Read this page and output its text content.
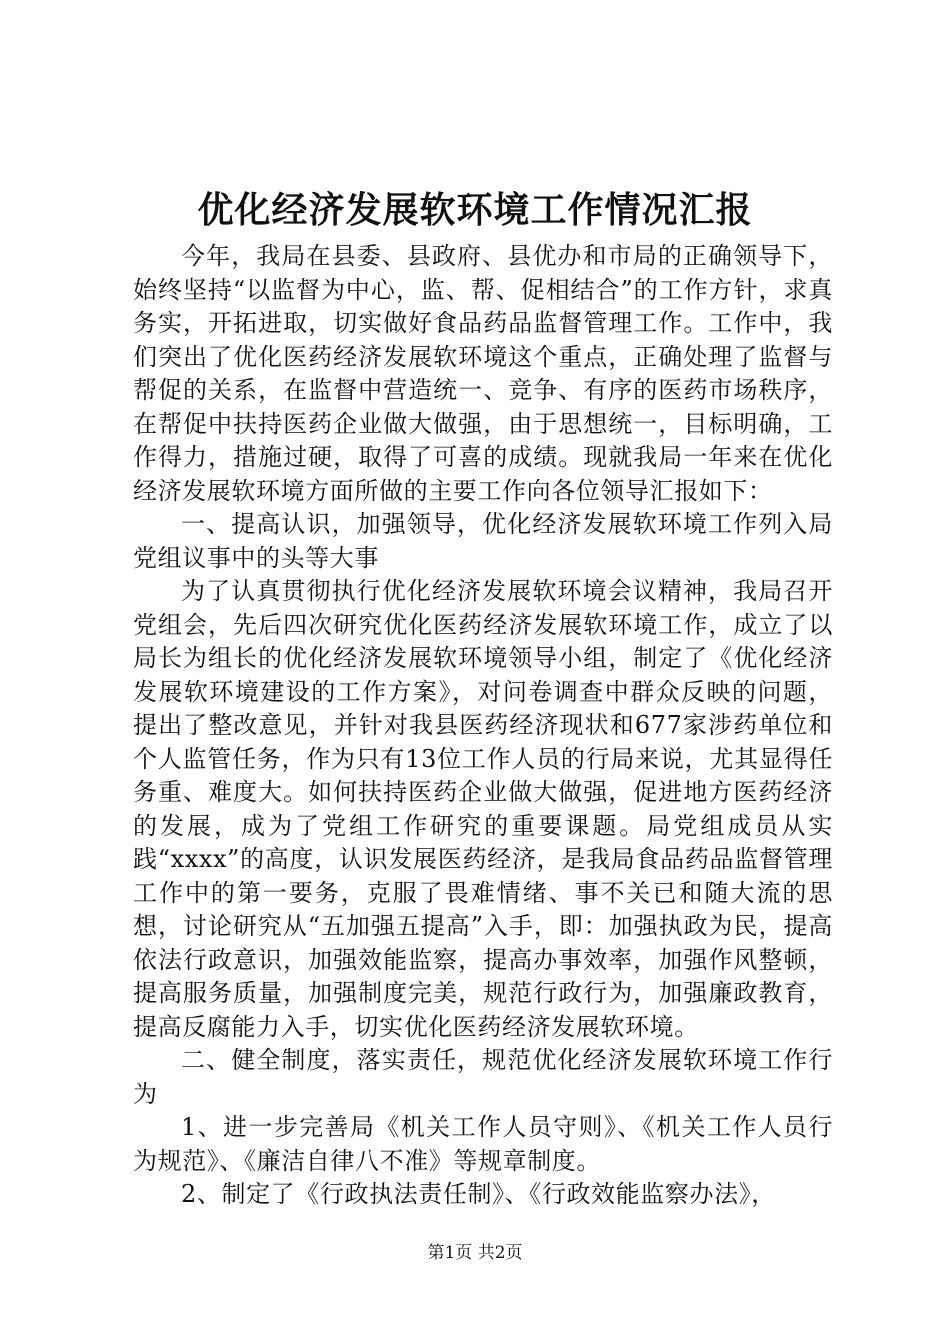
优化经济发展软环境工作情况汇报

今年，我局在县委、县政府、县优办和市局的正确领导下，始终坚持“以监督为中心，监、帮、促相结合”的工作方针，求真务实，开拓进取，切实做好食品药品监督管理工作。工作中，我们突出了优化医药经济发展软环境这个重点，正确处理了监督与帮促的关系，在监督中营造统一、竞争、有序的医药市场秩序，在帮促中扶持医药企业做大做强，由于思想统一，目标明确，工作得力，措施过硬，取得了可喜的成绩。现就我局一年来在优化经济发展软环境方面所做的主要工作向各位领导汇报如下：

一、提高认识，加强领导，优化经济发展软环境工作列入局党组议事中的头等大事

为了认真贯彻执行优化经济发展软环境会议精神，我局召开党组会，先后四次研究优化医药经济发展软环境工作，成立了以局长为组长的优化经济发展软环境领导小组，制定了《优化经济发展软环境建设的工作方案》，对问卷调查中群众反映的问题，提出了整改意见，并针对我县医药经济现状和677家涉药单位和个人监管任务，作为只有13位工作人员的行局来说，尤其显得任务重、难度大。如何扶持医药企业做大做强，促进地方医药经济的发展，成为了党组工作研究的重要课题。局党组成员从实践“xxxx”的高度，认识发展医药经济，是我局食品药品监督管理工作中的第一要务，克服了畏难情绪、事不关已和随大流的思想，讨论研究从“五加强五提高”入手，即：加强执政为民，提高依法行政意识，加强效能监察，提高办事效率，加强作风整顿，提高服务质量，加强制度完美，规范行政行为，加强廉政教育，提高反腐能力入手，切实优化医药经济发展软环境。

二、健全制度，落实责任，规范优化经济发展软环境工作行为

1、进一步完善局《机关工作人员守则》、《机关工作人员行为规范》、《廉洁自律八不准》等规章制度。

2、制定了《行政执法责任制》、《行政效能监察办法》，

第1页 共2页
